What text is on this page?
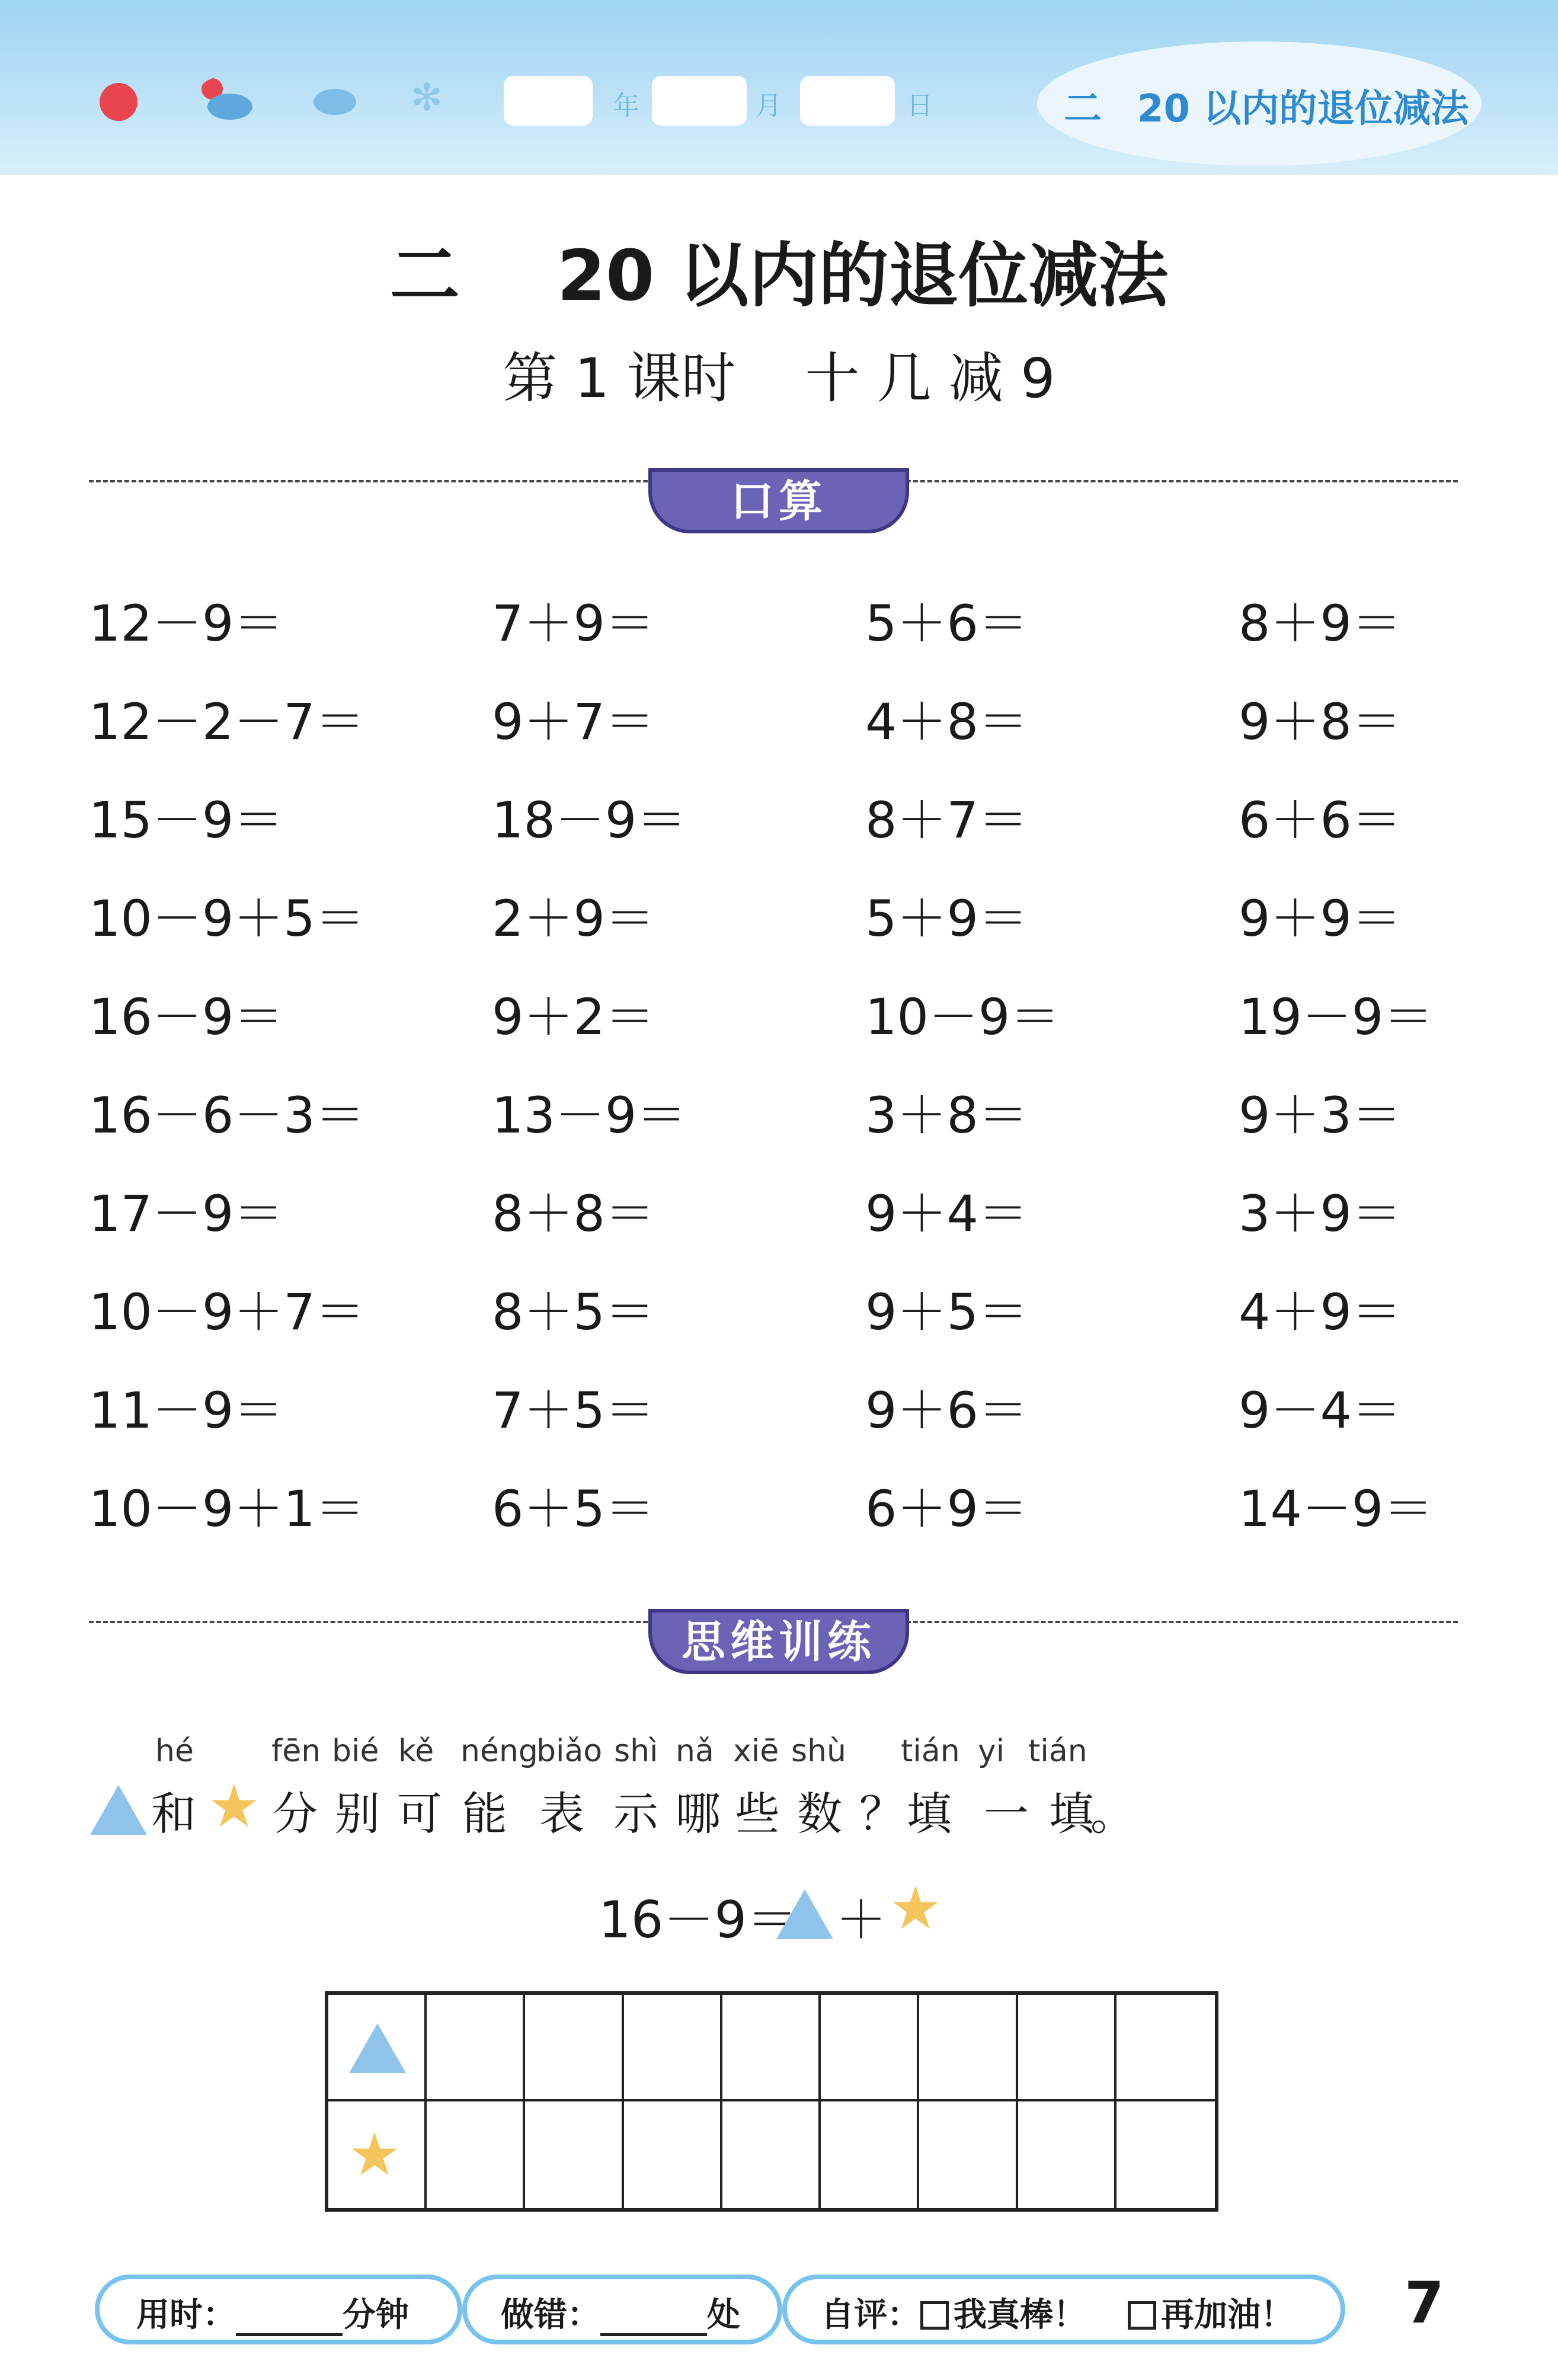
✻	年	月	日	二 20 以内的退位减法
二    20 以内的退位减法
第 1 课时    十 几 减 9
口算
12－9＝	7＋9＝	5＋6＝	8＋9＝
12－2－7＝	9＋7＝	4＋8＝	9＋8＝
15－9＝	18－9＝	8＋7＝	6＋6＝
10－9＋5＝	2＋9＝	5＋9＝	9＋9＝
16－9＝	9＋2＝	10－9＝	19－9＝
16－6－3＝	13－9＝	3＋8＝	9＋3＝
17－9＝	8＋8＝	9＋4＝	3＋9＝
10－9＋7＝	8＋5＝	9＋5＝	4＋9＝
11－9＝	7＋5＝	9＋6＝	9－4＝
10－9＋1＝	6＋5＝	6＋9＝	14－9＝
思维训练
hé	fēn bié kě néng
biǎo shì nǎ xiē shù tián yi tián
★
和 分 别 可 能 表 示 哪 些 数 ？ 填 一 填
。
16－9＝ ＋ ★
★
用时：	分钟	做错：	处 自评： 我真棒！ 再加油！ 7
